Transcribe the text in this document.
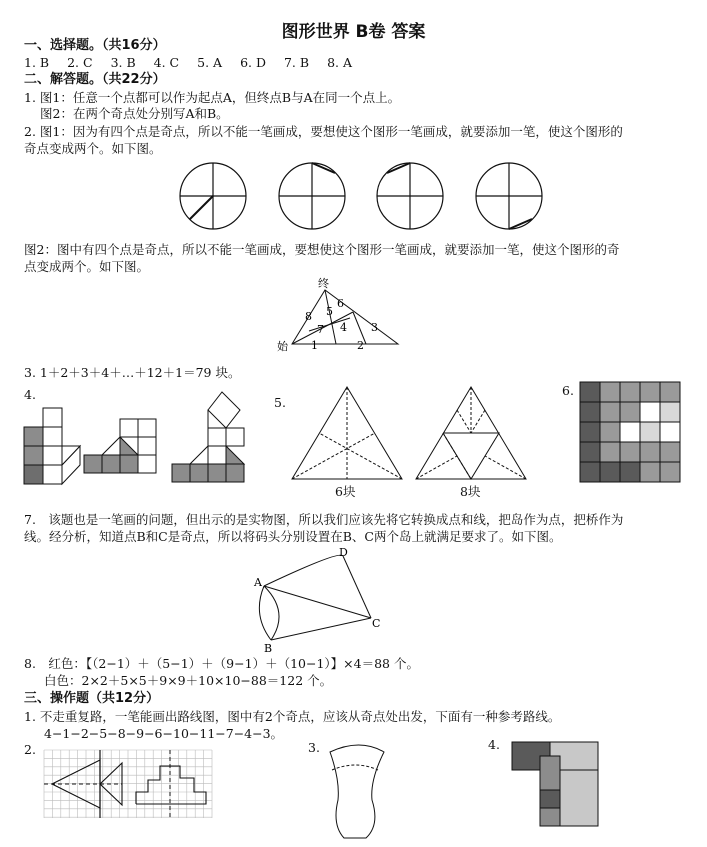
图形世界 B卷 答案
一、选择题。（共16分）
1. B 2. C 3. B 4. C 5. A 6. D 7. B 8. A
二、解答题。（共22分）
1. 图1：任意一个点都可以作为起点A，但终点B与A在同一个点上。
图2：在两个奇点处分别写A和B。
2. 图1：因为有四个点是奇点，所以不能一笔画成，要想使这个图形一笔画成，就要添加一笔，使这个图形的
奇点变成两个。如下图。
图2：图中有四个点是奇点，所以不能一笔画成，要想使这个图形一笔画成，就要添加一笔，使这个图形的奇
点变成两个。如下图。
终
始 1	2
3
4
5
6
7
8
3. 1＋2＋3＋4＋…＋12＋1＝79 块。
4.
5.
6.
6块	8块
7.　该题也是一笔画的问题，但出示的是实物图，所以我们应该先将它转换成点和线，把岛作为点，把桥作为
线。经分析，知道点B和C是奇点，所以将码头分别设置在B、C两个岛上就满足要求了。如下图。
A
B
C
D
8.　红色：【（2−1）＋（5−1）＋（9−1）＋（10−1）】×4＝88 个。
白色：2×2＋5×5＋9×9＋10×10−88＝122 个。
三、操作题（共12分）
1. 不走重复路，一笔能画出路线图，图中有2个奇点，应该从奇点处出发，下面有一种参考路线。
4−1−2−5−8−9−6−10−11−7−4−3。
2.	3.	4.
